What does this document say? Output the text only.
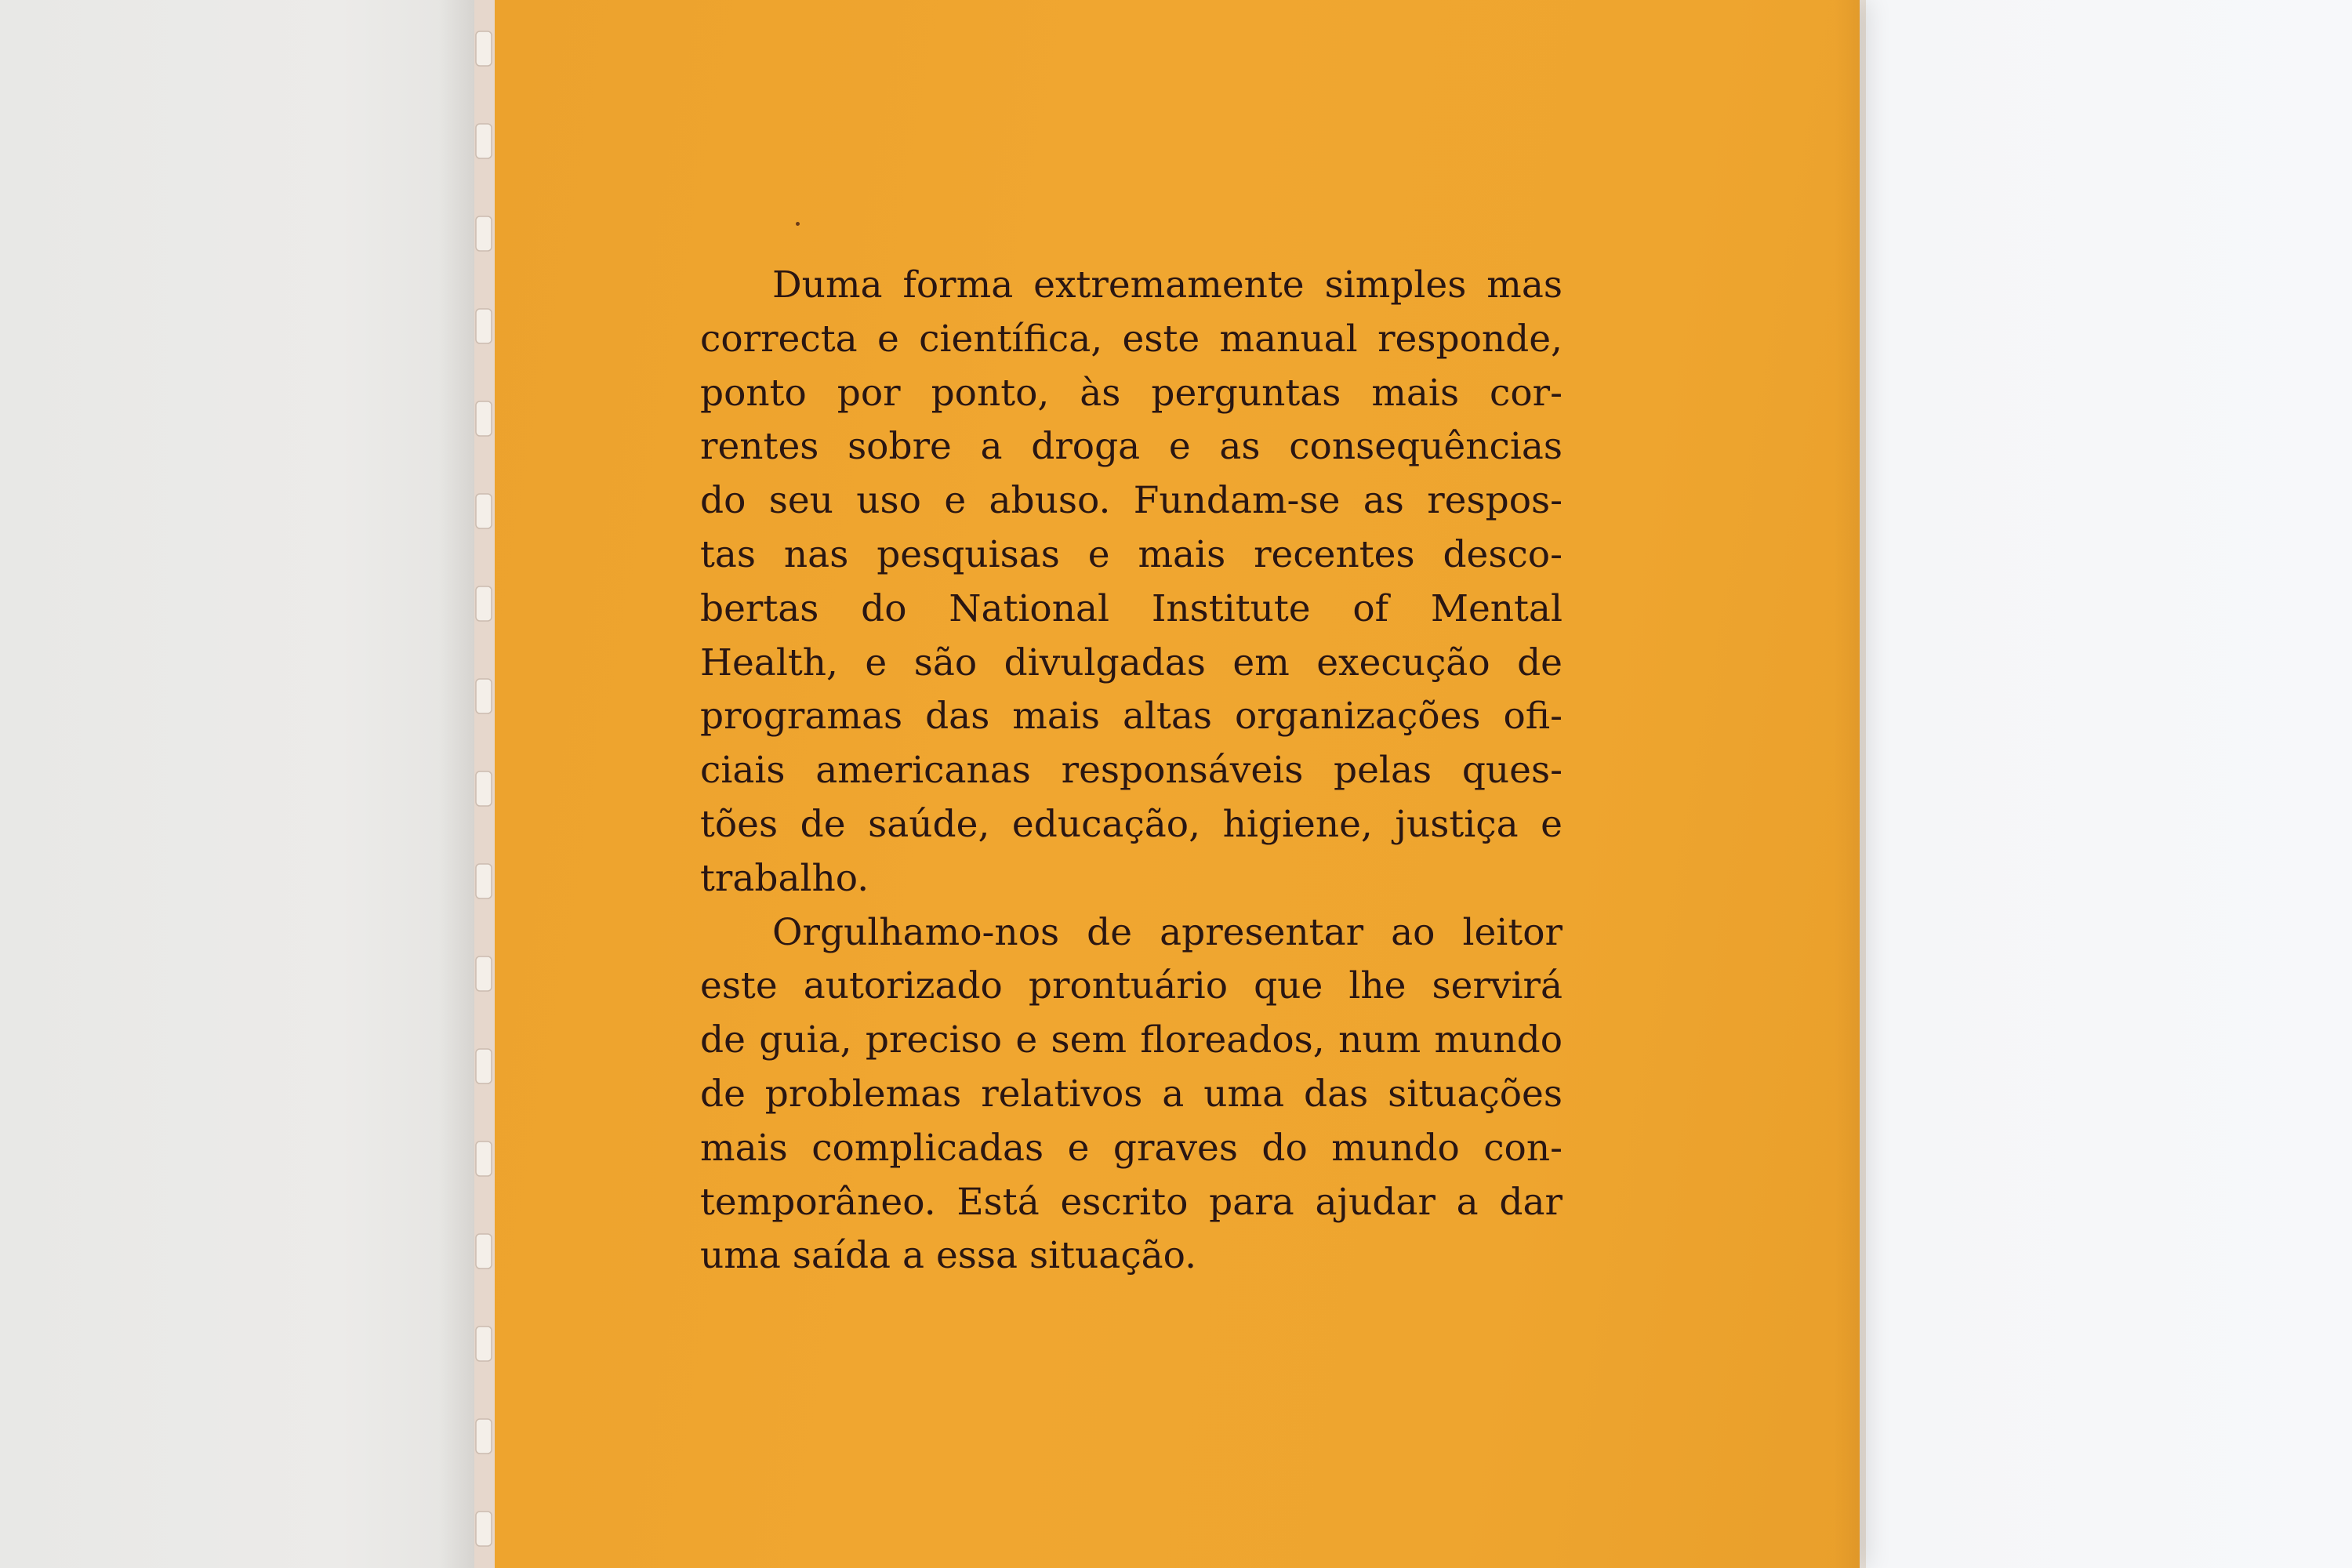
Duma forma extremamente simples mas
correcta e científica, este manual responde,
ponto por ponto, às perguntas mais cor-
rentes sobre a droga e as consequências
do seu uso e abuso. Fundam-se as respos-
tas nas pesquisas e mais recentes desco-
bertas do National Institute of Mental
Health, e são divulgadas em execução de
programas das mais altas organizações ofi-
ciais americanas responsáveis pelas ques-
tões de saúde, educação, higiene, justiça e
trabalho.
Orgulhamo-nos de apresentar ao leitor
este autorizado prontuário que lhe servirá
de guia, preciso e sem floreados, num mundo
de problemas relativos a uma das situações
mais complicadas e graves do mundo con-
temporâneo. Está escrito para ajudar a dar
uma saída a essa situação.
